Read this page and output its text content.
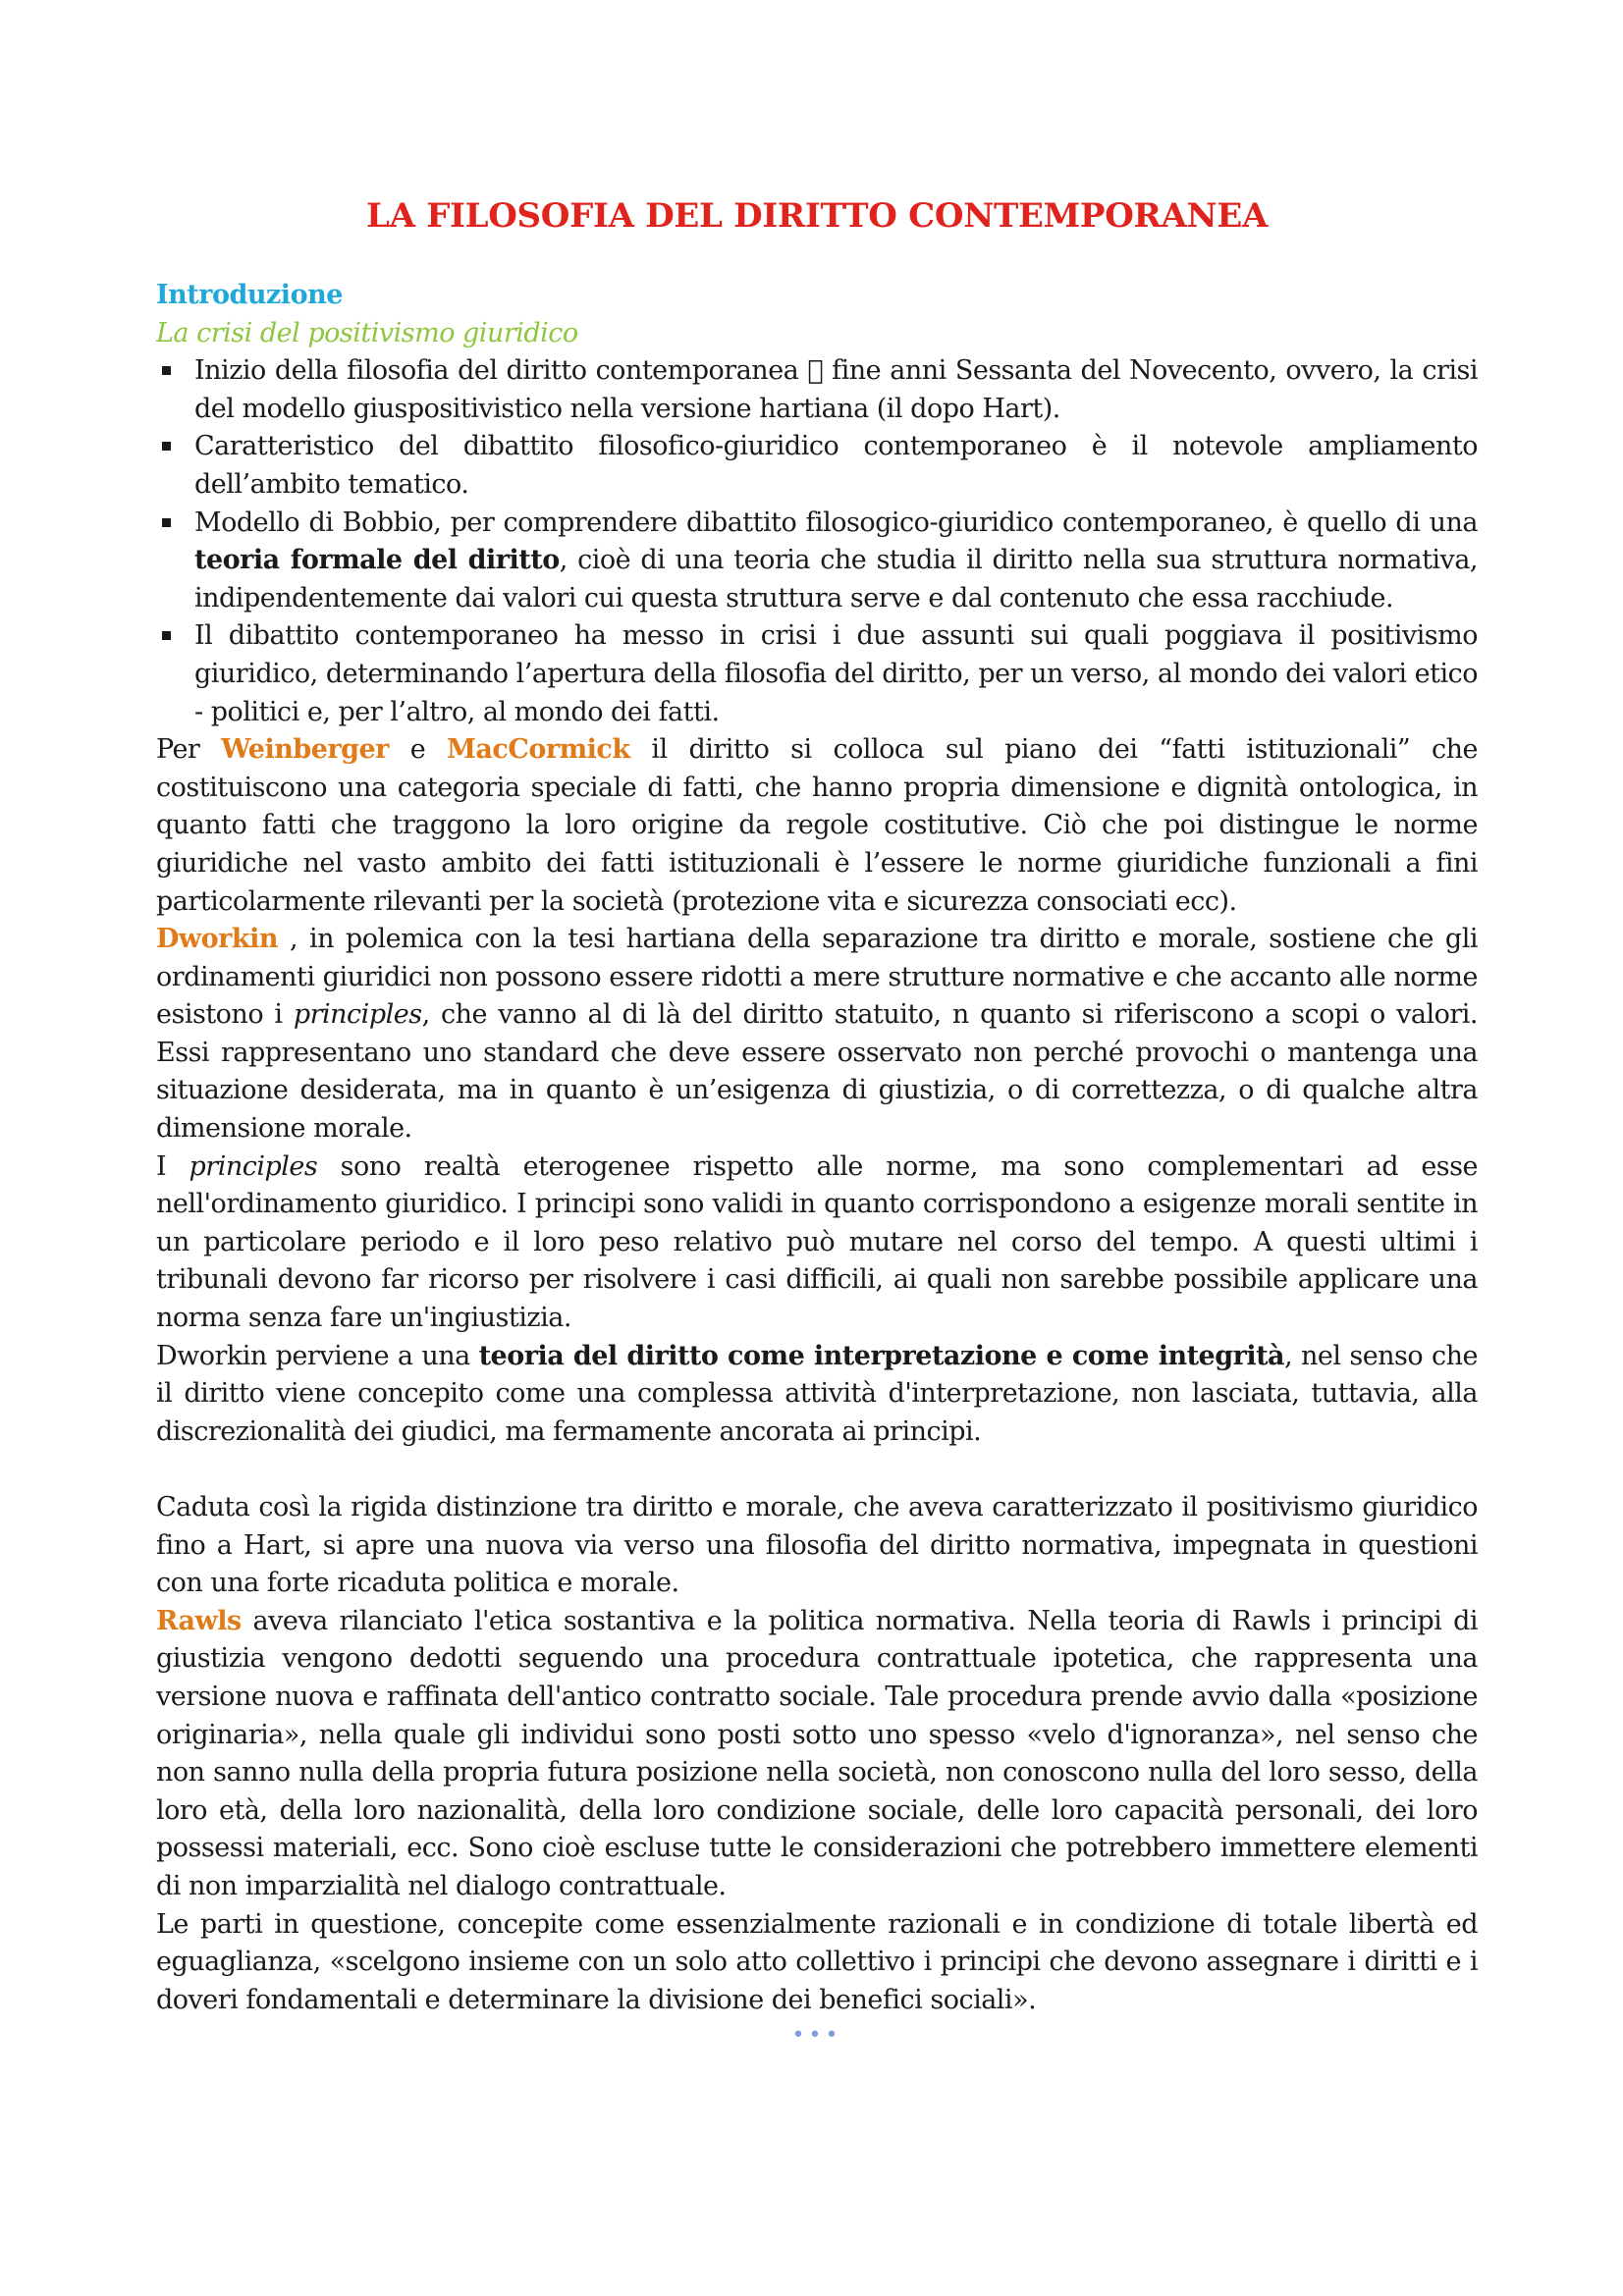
LA FILOSOFIA DEL DIRITTO CONTEMPORANEA
Introduzione
La crisi del positivismo giuridico
Inizio della filosofia del diritto contemporanea fine anni Sessanta del Novecento, ovvero, la crisi del modello giuspositivistico nella versione hartiana (il dopo Hart).
Caratteristico del dibattito filosofico-giuridico contemporaneo è il notevole ampliamento dell’ambito tematico.
Modello di Bobbio, per comprendere dibattito filosogico-giuridico contemporaneo, è quello di una teoria formale del diritto, cioè di una teoria che studia il diritto nella sua struttura normativa, indipendentemente dai valori cui questa struttura serve e dal contenuto che essa racchiude.
Il dibattito contemporaneo ha messo in crisi i due assunti sui quali poggiava il positivismo giuridico, determinando l’apertura della filosofia del diritto, per un verso, al mondo dei valori etico - politici e, per l’altro, al mondo dei fatti.

Per Weinberger e MacCormick il diritto si colloca sul piano dei “fatti istituzionali” che costituiscono una categoria speciale di fatti, che hanno propria dimensione e dignità ontologica, in quanto fatti che traggono la loro origine da regole costitutive. Ciò che poi distingue le norme giuridiche nel vasto ambito dei fatti istituzionali è l’essere le norme giuridiche funzionali a fini particolarmente rilevanti per la società (protezione vita e sicurezza consociati ecc).

Dworkin , in polemica con la tesi hartiana della separazione tra diritto e morale, sostiene che gli ordinamenti giuridici non possono essere ridotti a mere strutture normative e che accanto alle norme esistono i principles, che vanno al di là del diritto statuito, n quanto si riferiscono a scopi o valori. Essi rappresentano uno standard che deve essere osservato non perché provochi o mantenga una situazione desiderata, ma in quanto è un’esigenza di giustizia, o di correttezza, o di qualche altra dimensione morale.

I principles sono realtà eterogenee rispetto alle norme, ma sono complementari ad esse nell'ordinamento giuridico. I principi sono validi in quanto corrispondono a esigenze morali sentite in un particolare periodo e il loro peso relativo può mutare nel corso del tempo. A questi ultimi i tribunali devono far ricorso per risolvere i casi difficili, ai quali non sarebbe possibile applicare una norma senza fare un'ingiustizia.

Dworkin perviene a una teoria del diritto come interpretazione e come integrità, nel senso che il diritto viene concepito come una complessa attività d'interpretazione, non lasciata, tuttavia, alla discrezionalità dei giudici, ma fermamente ancorata ai principi.

Caduta così la rigida distinzione tra diritto e morale, che aveva caratterizzato il positivismo giuridico fino a Hart, si apre una nuova via verso una filosofia del diritto normativa, impegnata in questioni con una forte ricaduta politica e morale.

Rawls aveva rilanciato l'etica sostantiva e la politica normativa. Nella teoria di Rawls i principi di giustizia vengono dedotti seguendo una procedura contrattuale ipotetica, che rappresenta una versione nuova e raffinata dell'antico contratto sociale. Tale procedura prende avvio dalla «posizione originaria», nella quale gli individui sono posti sotto uno spesso «velo d'ignoranza», nel senso che non sanno nulla della propria futura posizione nella società, non conoscono nulla del loro sesso, della loro età, della loro nazionalità, della loro condizione sociale, delle loro capacità personali, dei loro possessi materiali, ecc. Sono cioè escluse tutte le considerazioni che potrebbero immettere elementi di non imparzialità nel dialogo contrattuale.

Le parti in questione, concepite come essenzialmente razionali e in condizione di totale libertà ed eguaglianza, «scelgono insieme con un solo atto collettivo i principi che devono assegnare i diritti e i doveri fondamentali e determinare la divisione dei benefici sociali».

•••
